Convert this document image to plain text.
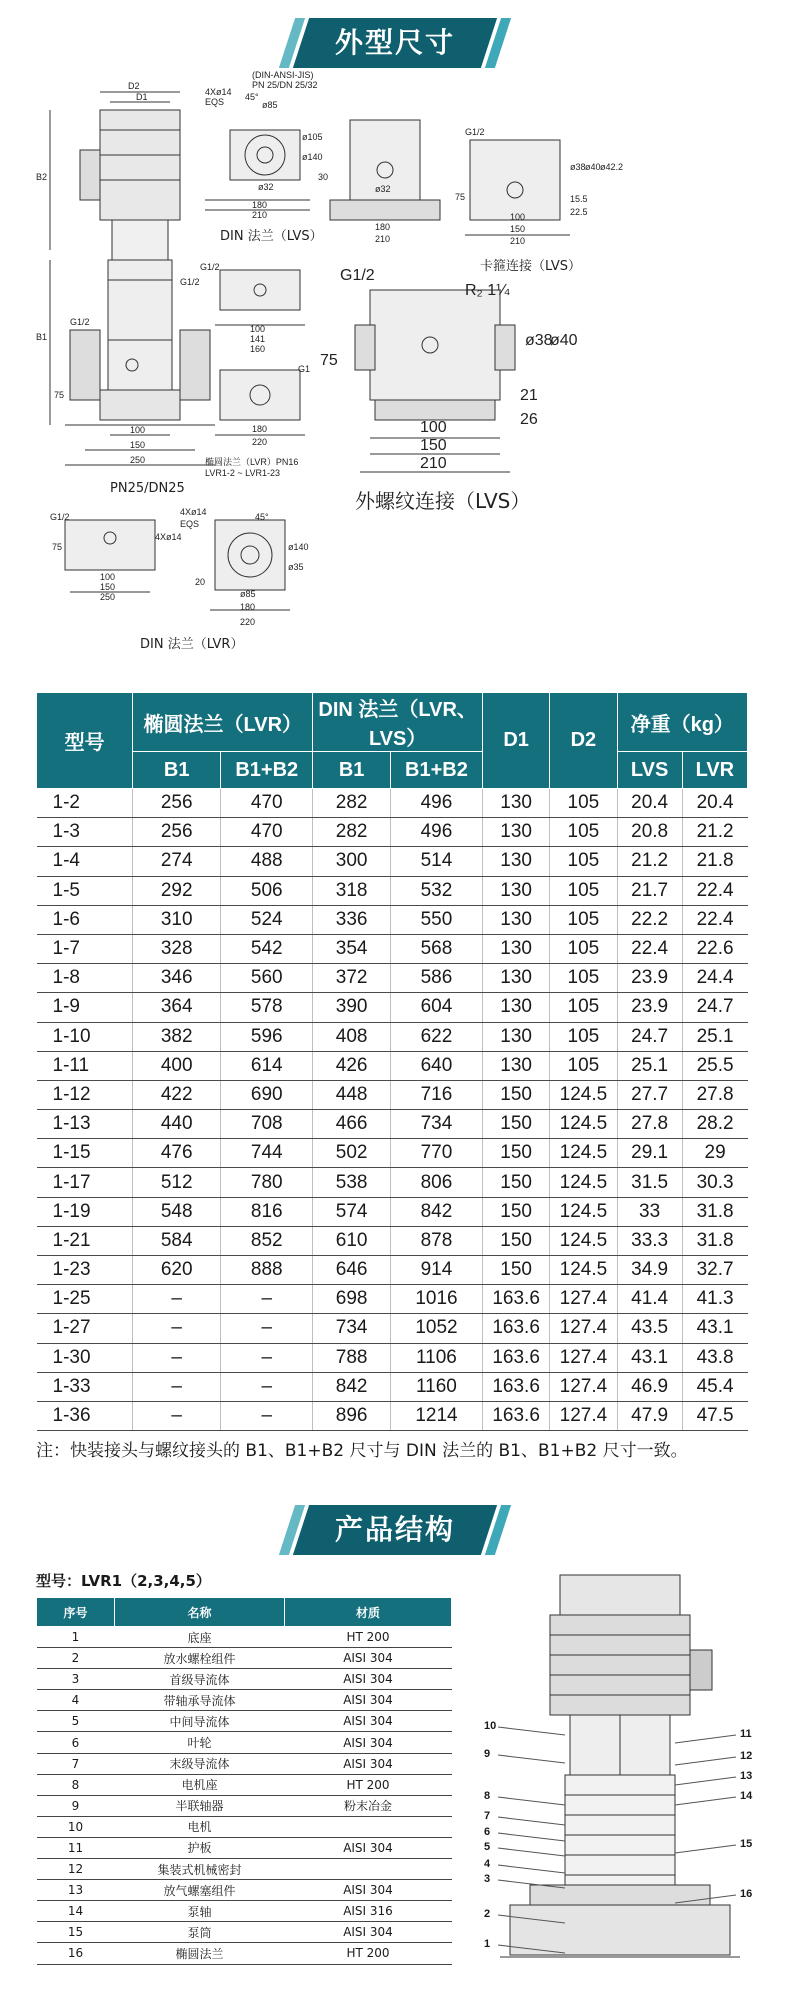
外型尺寸
D2
D1
B2
B1
G1/2
G1/2
75
100
150
250
PN25/DN25
4Xø14
EQS 45°
(DIN-ANSI-JIS)
PN 25/DN 25/32
ø85
ø105
ø140
ø32
180
210
DIN 法兰（LVS）
G1/2
100
141
160
G1
180
220
椭圆法兰（LVR）PN16
LVR1-2 ~ LVR1-23
30
ø32
180
210
G1/2
ø38 ø40 ø42.2
15.5
22.5
75
100
150
210
卡箍连接（LVS）
G1/2
R₂ 1¼
75
ø38
ø40
21
26
100
150
210
外螺纹连接（LVS）
G1/2
75
100
150
250
4Xø14
EQS
45°
4Xø14
ø140
ø35
20
ø85
180
220
DIN 法兰（LVR）
型号	椭圆法兰（LVR）		DIN 法兰（LVR、LVS）		D1	D2	净重（kg）	
	B1	B1+B2	B1	B1+B2			LVS	LVR
1-2	256	470	282	496	130	105	20.4	20.4
1-3	256	470	282	496	130	105	20.8	21.2
1-4	274	488	300	514	130	105	21.2	21.8
1-5	292	506	318	532	130	105	21.7	22.4
1-6	310	524	336	550	130	105	22.2	22.4
1-7	328	542	354	568	130	105	22.4	22.6
1-8	346	560	372	586	130	105	23.9	24.4
1-9	364	578	390	604	130	105	23.9	24.7
1-10	382	596	408	622	130	105	24.7	25.1
1-11	400	614	426	640	130	105	25.1	25.5
1-12	422	690	448	716	150	124.5	27.7	27.8
1-13	440	708	466	734	150	124.5	27.8	28.2
1-15	476	744	502	770	150	124.5	29.1	29
1-17	512	780	538	806	150	124.5	31.5	30.3
1-19	548	816	574	842	150	124.5	33	31.8
1-21	584	852	610	878	150	124.5	33.3	31.8
1-23	620	888	646	914	150	124.5	34.9	32.7
1-25	–	–	698	1016	163.6	127.4	41.4	41.3
1-27	–	–	734	1052	163.6	127.4	43.5	43.1
1-30	–	–	788	1106	163.6	127.4	43.1	43.8
1-33	–	–	842	1160	163.6	127.4	46.9	45.4
1-36	–	–	896	1214	163.6	127.4	47.9	47.5
注：快装接头与螺纹接头的 B1、B1+B2 尺寸与 DIN 法兰的 B1、B1+B2 尺寸一致。
产品结构
型号：LVR1（2,3,4,5）
序号	名称	材质
1	底座	HT 200
2	放水螺栓组件	AISI 304
3	首级导流体	AISI 304
4	带轴承导流体	AISI 304
5	中间导流体	AISI 304
6	叶轮	AISI 304
7	末级导流体	AISI 304
8	电机座	HT 200
9	半联轴器	粉末冶金
10	电机	
11	护板	AISI 304
12	集装式机械密封	
13	放气螺塞组件	AISI 304
14	泵轴	AISI 316
15	泵筒	AISI 304
16	椭圆法兰	HT 200
1
2
3
4
5
6
7
8
9
10
11
12
13
14
15
16
